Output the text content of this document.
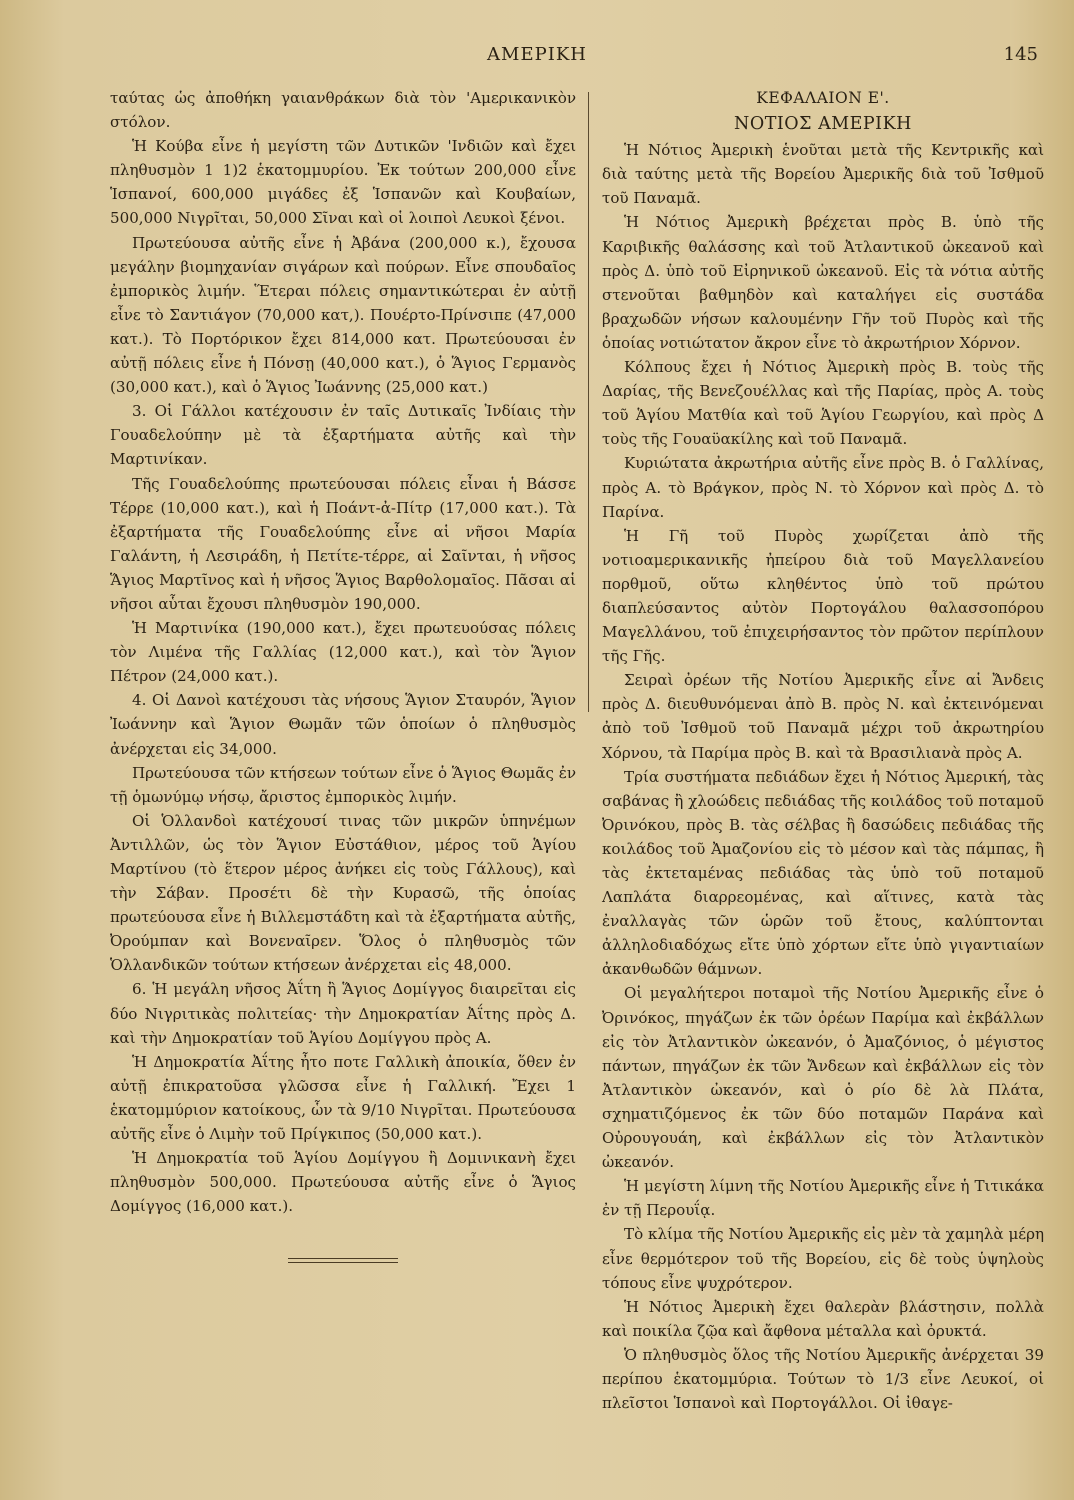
ΑΜΕΡΙΚΗ	145

ταύτας ὡς ἀποθήκη γαιανθράκων διὰ τὸν 'Αμερικανικὸν στόλον.

Ἡ Κούβα εἶνε ἡ μεγίστη τῶν Δυτικῶν 'Ινδιῶν καὶ ἔχει πληθυσμὸν 1 1)2 ἑκατομμυρίου. Ἐκ τούτων 200,000 εἶνε Ἱσπανοί, 600,000 μιγάδες ἐξ Ἱσπανῶν καὶ Κουβαίων, 500,000 Νιγρῖται, 50,000 Σῖναι καὶ οἱ λοιποὶ Λευκοὶ ξένοι.

Πρωτεύουσα αὐτῆς εἶνε ἡ Ἀβάνα (200,000 κ.), ἔχουσα μεγάλην βιομηχανίαν σιγάρων καὶ πούρων. Εἶνε σπουδαῖος ἐμπορικὸς λιμήν. Ἕτεραι πόλεις σημαντικώτεραι ἐν αὐτῇ εἶνε τὸ Σαντιάγον (70,000 κατ,). Πουέρτο-Πρίνσιπε (47,000 κατ.). Τὸ Πορτόρικον ἔχει 814,000 κατ. Πρωτεύουσαι ἐν αὐτῇ πόλεις εἶνε ἡ Πόνσῃ (40,000 κατ.), ὁ Ἅγιος Γερμανὸς (30,000 κατ.), καὶ ὁ Ἅγιος Ἰωάννης (25,000 κατ.)

3. Οἱ Γάλλοι κατέχουσιν ἐν ταῖς Δυτικαῖς Ἰνδίαις τὴν Γουαδελούπην μὲ τὰ ἐξαρτήματα αὐτῆς καὶ τὴν Μαρτινίκαν.

Τῆς Γουαδελούπης πρωτεύουσαι πόλεις εἶναι ἡ Βάσσε Τέρρε (10,000 κατ.), καὶ ἡ Ποάντ-ἀ-Πίτρ (17,000 κατ.). Τὰ ἐξαρτήματα τῆς Γουαδελούπης εἶνε αἱ νῆσοι Μαρία Γαλάντη, ἡ Λεσιράδη, ἡ Πετίτε-τέρρε, αἱ Σαῖνται, ἡ νῆσος Ἅγιος Μαρτῖνος καὶ ἡ νῆσος Ἅγιος Βαρθολομαῖος. Πᾶσαι αἱ νῆσοι αὗται ἔχουσι πληθυσμὸν 190,000.

Ἡ Μαρτινίκα (190,000 κατ.), ἔχει πρωτευούσας πόλεις τὸν Λιμένα τῆς Γαλλίας (12,000 κατ.), καὶ τὸν Ἅγιον Πέτρον (24,000 κατ.).

4. Οἱ Δανοὶ κατέχουσι τὰς νήσους Ἅγιον Σταυρόν, Ἅγιον Ἰωάννην καὶ Ἅγιον Θωμᾶν τῶν ὁποίων ὁ πληθυσμὸς ἀνέρχεται εἰς 34,000.

Πρωτεύουσα τῶν κτήσεων τούτων εἶνε ὁ Ἅγιος Θωμᾶς ἐν τῇ ὁμωνύμῳ νήσῳ, ἄριστος ἐμπορικὸς λιμήν.

Οἱ Ὁλλανδοὶ κατέχουσί τινας τῶν μικρῶν ὑπηνέμων Ἀντιλλῶν, ὡς τὸν Ἅγιον Εὐστάθιον, μέρος τοῦ Ἁγίου Μαρτίνου (τὸ ἕτερον μέρος ἀνήκει εἰς τοὺς Γάλλους), καὶ τὴν Σάβαν. Προσέτι δὲ τὴν Κυρασῶ, τῆς ὁποίας πρωτεύουσα εἶνε ἡ Βιλλεμστάδτη καὶ τὰ ἐξαρτήματα αὐτῆς, Ὀρούμπαν καὶ Βονεναῖρεν. Ὅλος ὁ πληθυσμὸς τῶν Ὁλλανδικῶν τούτων κτήσεων ἀνέρχεται εἰς 48,000.

6. Ἡ μεγάλη νῆσος Ἀΐτη ἢ Ἅγιος Δομίγγος διαιρεῖται εἰς δύο Νιγριτικὰς πολιτείας· τὴν Δημοκρατίαν Ἀΐτης πρὸς Δ. καὶ τὴν Δημοκρατίαν τοῦ Ἁγίου Δομίγγου πρὸς Α.

Ἡ Δημοκρατία Ἀΐτης ἦτο ποτε Γαλλικὴ ἀποικία, ὅθεν ἐν αὐτῇ ἐπικρατοῦσα γλῶσσα εἶνε ἡ Γαλλική. Ἔχει 1 ἑκατομμύριον κατοίκους, ὧν τὰ 9/10 Νιγρῖται. Πρωτεύουσα αὐτῆς εἶνε ὁ Λιμὴν τοῦ Πρίγκιπος (50,000 κατ.).

Ἡ Δημοκρατία τοῦ Ἁγίου Δομίγγου ἢ Δομινικανὴ ἔχει πληθυσμὸν 500,000. Πρωτεύουσα αὐτῆς εἶνε ὁ Ἅγιος Δομίγγος (16,000 κατ.).

ΚΕΦΑΛΑΙΟΝ Ε'.
ΝΟΤΙΟΣ ΑΜΕΡΙΚΗ

Ἡ Νότιος Ἀμερικὴ ἑνοῦται μετὰ τῆς Κεντρικῆς καὶ διὰ ταύτης μετὰ τῆς Βορείου Ἀμερικῆς διὰ τοῦ Ἰσθμοῦ τοῦ Παναμᾶ.

Ἡ Νότιος Ἀμερικὴ βρέχεται πρὸς Β. ὑπὸ τῆς Καριβικῆς θαλάσσης καὶ τοῦ Ἀτλαντικοῦ ὠκεανοῦ καὶ πρὸς Δ. ὑπὸ τοῦ Εἰρηνικοῦ ὠκεανοῦ. Εἰς τὰ νότια αὐτῆς στενοῦται βαθμηδὸν καὶ καταλήγει εἰς συστάδα βραχωδῶν νήσων καλουμένην Γῆν τοῦ Πυρὸς καὶ τῆς ὁποίας νοτιώτατον ἄκρον εἶνε τὸ ἀκρωτήριον Χόρνον.

Κόλπους ἔχει ἡ Νότιος Ἀμερικὴ πρὸς Β. τοὺς τῆς Δαρίας, τῆς Βενεζουέλλας καὶ τῆς Παρίας, πρὸς Α. τοὺς τοῦ Ἁγίου Ματθία καὶ τοῦ Ἁγίου Γεωργίου, καὶ πρὸς Δ τοὺς τῆς Γουαϋακίλης καὶ τοῦ Παναμᾶ.

Κυριώτατα ἀκρωτήρια αὐτῆς εἶνε πρὸς Β. ὁ Γαλλίνας, πρὸς Α. τὸ Βράγκον, πρὸς Ν. τὸ Χόρνον καὶ πρὸς Δ. τὸ Παρίνα.

Ἡ Γῆ τοῦ Πυρὸς χωρίζεται ἀπὸ τῆς νοτιοαμερικανικῆς ἠπείρου διὰ τοῦ Μαγελλανείου πορθμοῦ, οὕτω κληθέντος ὑπὸ τοῦ πρώτου διαπλεύσαντος αὐτὸν Πορτογάλου θαλασσοπόρου Μαγελλάνου, τοῦ ἐπιχειρήσαντος τὸν πρῶτον περίπλουν τῆς Γῆς.

Σειραὶ ὀρέων τῆς Νοτίου Ἀμερικῆς εἶνε αἱ Ἄνδεις πρὸς Δ. διευθυνόμεναι ἀπὸ Β. πρὸς Ν. καὶ ἐκτεινόμεναι ἀπὸ τοῦ Ἰσθμοῦ τοῦ Παναμᾶ μέχρι τοῦ ἀκρωτηρίου Χόρνου, τὰ Παρίμα πρὸς Β. καὶ τὰ Βρασιλιανὰ πρὸς Α.

Τρία συστήματα πεδιάδων ἔχει ἡ Νότιος Ἀμερική, τὰς σαβάνας ἢ χλοώδεις πεδιάδας τῆς κοιλάδος τοῦ ποταμοῦ Ὀρινόκου, πρὸς Β. τὰς σέλβας ἢ δασώδεις πεδιάδας τῆς κοιλάδος τοῦ Ἀμαζονίου εἰς τὸ μέσον καὶ τὰς πάμπας, ἢ τὰς ἐκτεταμένας πεδιάδας τὰς ὑπὸ τοῦ ποταμοῦ Λαπλάτα διαρρεομένας, καὶ αἵτινες, κατὰ τὰς ἐναλλαγὰς τῶν ὡρῶν τοῦ ἔτους, καλύπτονται ἀλληλοδιαδόχως εἴτε ὑπὸ χόρτων εἴτε ὑπὸ γιγαντιαίων ἀκανθωδῶν θάμνων.

Οἱ μεγαλήτεροι ποταμοὶ τῆς Νοτίου Ἀμερικῆς εἶνε ὁ Ὀρινόκος, πηγάζων ἐκ τῶν ὀρέων Παρίμα καὶ ἐκβάλλων εἰς τὸν Ἀτλαντικὸν ὠκεανόν, ὁ Ἀμαζόνιος, ὁ μέγιστος πάντων, πηγάζων ἐκ τῶν Ἄνδεων καὶ ἐκβάλλων εἰς τὸν Ἀτλαντικὸν ὠκεανόν, καὶ ὁ ρίο δὲ λὰ Πλάτα, σχηματιζόμενος ἐκ τῶν δύο ποταμῶν Παράνα καὶ Οὐρουγουάη, καὶ ἐκβάλλων εἰς τὸν Ἀτλαντικὸν ὠκεανόν.

Ἡ μεγίστη λίμνη τῆς Νοτίου Ἀμερικῆς εἶνε ἡ Τιτικάκα ἐν τῇ Περουΐᾳ.

Τὸ κλίμα τῆς Νοτίου Ἀμερικῆς εἰς μὲν τὰ χαμηλὰ μέρη εἶνε θερμότερον τοῦ τῆς Βορείου, εἰς δὲ τοὺς ὑψηλοὺς τόπους εἶνε ψυχρότερον.

Ἡ Νότιος Ἀμερικὴ ἔχει θαλερὰν βλάστησιν, πολλὰ καὶ ποικίλα ζῷα καὶ ἄφθονα μέταλλα καὶ ὀρυκτά.

Ὁ πληθυσμὸς ὅλος τῆς Νοτίου Ἀμερικῆς ἀνέρχεται 39 περίπου ἑκατομμύρια. Τούτων τὸ 1/3 εἶνε Λευκοί, οἱ πλεῖστοι Ἱσπανοὶ καὶ Πορτογάλλοι. Οἱ ἰθαγε-
